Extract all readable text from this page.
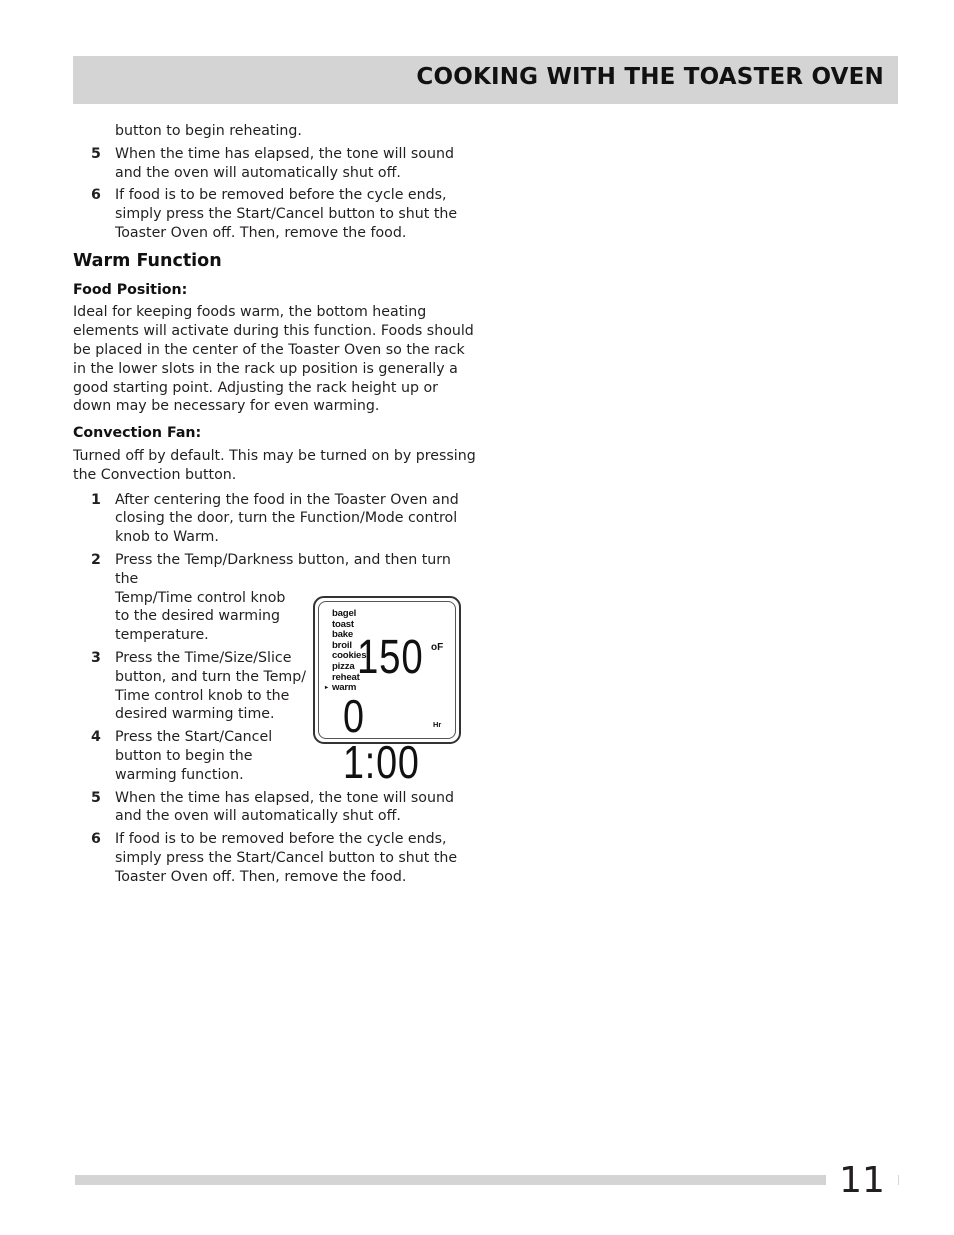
COOKING WITH THE TOASTER OVEN
button to begin reheating.
5 When the time has elapsed, the tone will sound and the oven will automatically shut off.
6 If food is to be removed before the cycle ends, simply press the Start/Cancel button to shut the Toaster Oven off. Then, remove the food.
Warm Function
Food Position:

Ideal for keeping foods warm, the bottom heating elements will activate during this function. Foods should be placed in the center of the Toaster Oven so the rack in the lower slots in the rack up position is generally a good starting point. Adjusting the rack height up or down may be necessary for even warming.

Convection Fan:

Turned off by default. This may be turned on by pressing the Convection button.

1 After centering the food in the Toaster Oven and closing the door, turn the Function/Mode control knob to Warm.
2 Press the Temp/Darkness button, and then turn the
Temp/Time control knob
to the desired warming
temperature.
3 Press the Time/Size/Slice
button, and turn the Temp/
Time control knob to the
desired warming time.
4 Press the Start/Cancel
button to begin the
warming function.
5 When the time has elapsed, the tone will sound and the oven will automatically shut off.
6 If food is to be removed before the cycle ends, simply press the Start/Cancel button to shut the Toaster Oven off. Then, remove the food.
bagel
toast
bake
broil
cookies
pizza
reheat
▸ warm
150 oF
0 1:00
Hr
11
